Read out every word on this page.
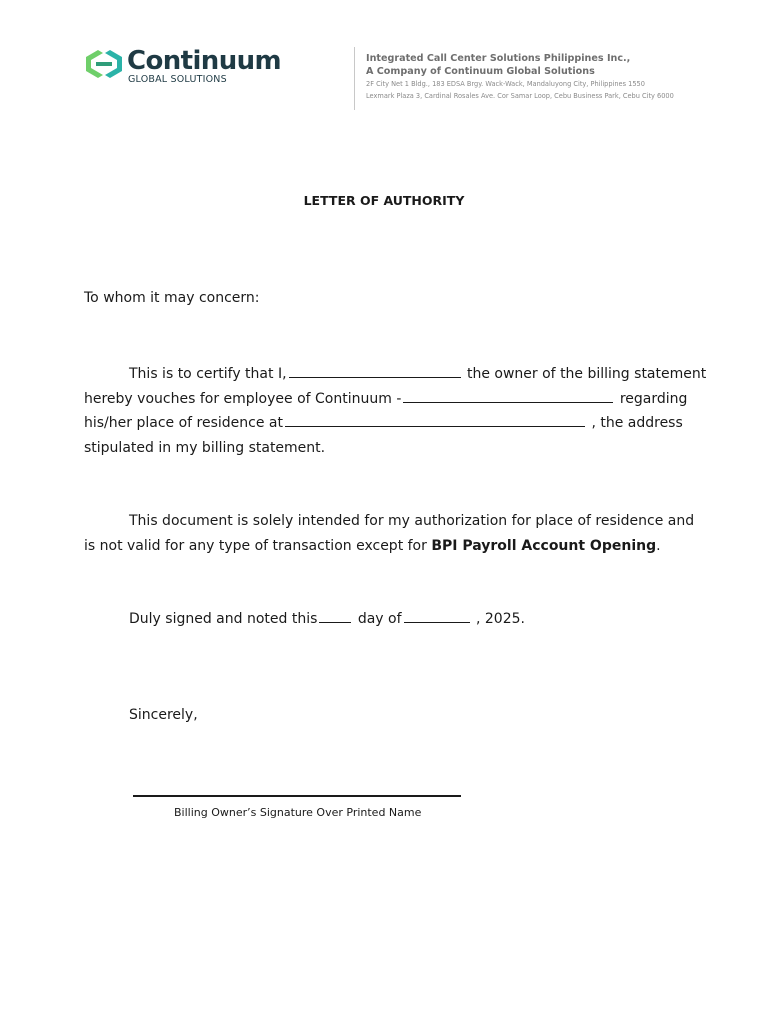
Continuum
GLOBAL SOLUTIONS
Integrated Call Center Solutions Philippines Inc.,
A Company of Continuum Global Solutions
2F City Net 1 Bldg., 183 EDSA Brgy. Wack-Wack, Mandaluyong City, Philippines 1550
Lexmark Plaza 3, Cardinal Rosales Ave. Cor Samar Loop, Cebu Business Park, Cebu City 6000
LETTER OF AUTHORITY
To whom it may concern:
This is to certify that I,	the owner of the billing statement
hereby vouches for employee of Continuum -	regarding
his/her place of residence at	, the address
stipulated in my billing statement.
This document is solely intended for my authorization for place of residence and
is not valid for any type of transaction except for BPI Payroll Account Opening.
Duly signed and noted this	day of	, 2025.
Sincerely,
Billing Owner’s Signature Over Printed Name
